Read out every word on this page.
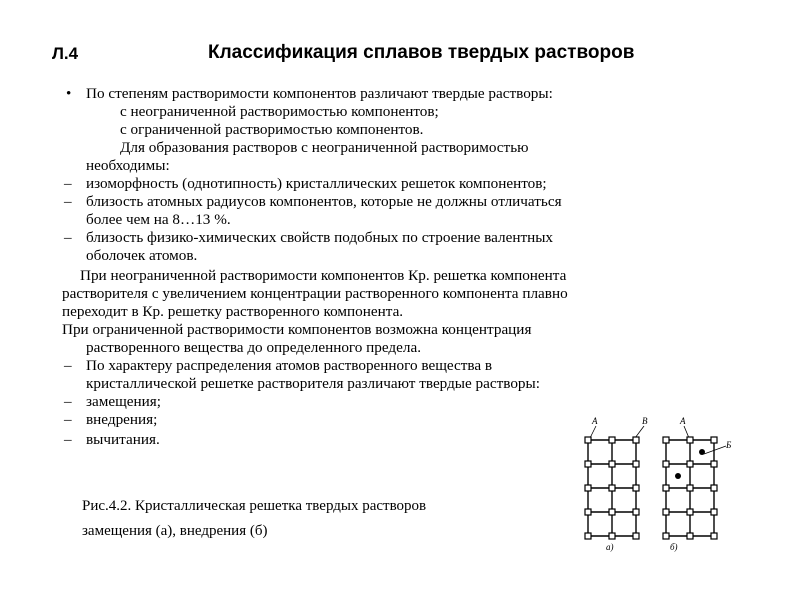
Л.4	Классификация сплавов твердых растворов
• По степеням растворимости компонентов различают твердые растворы:
с неограниченной растворимостью компонентов;
с ограниченной растворимостью компонентов.
Для образования растворов с неограниченной растворимостью
необходимы:
– изоморфность (однотипность) кристаллических решеток компонентов;
– близость атомных радиусов компонентов, которые не должны отличаться
более чем на 8…13 %.
– близость физико-химических свойств подобных по строение валентных
оболочек атомов.
При неограниченной растворимости компонентов Кр. решетка компонента
растворителя с увеличением концентрации растворенного компонента плавно
переходит в Кр. решетку растворенного компонента.
При ограниченной растворимости компонентов возможна концентрация
растворенного вещества до определенного предела.
– По характеру распределения атомов растворенного вещества в
кристаллической решетке растворителя различают твердые растворы:
– замещения;
– внедрения;
– вычитания.
Рис.4.2. Кристаллическая решетка твердых растворов
замещения (а), внедрения (б)
А	В	А
Б
а)	б)
